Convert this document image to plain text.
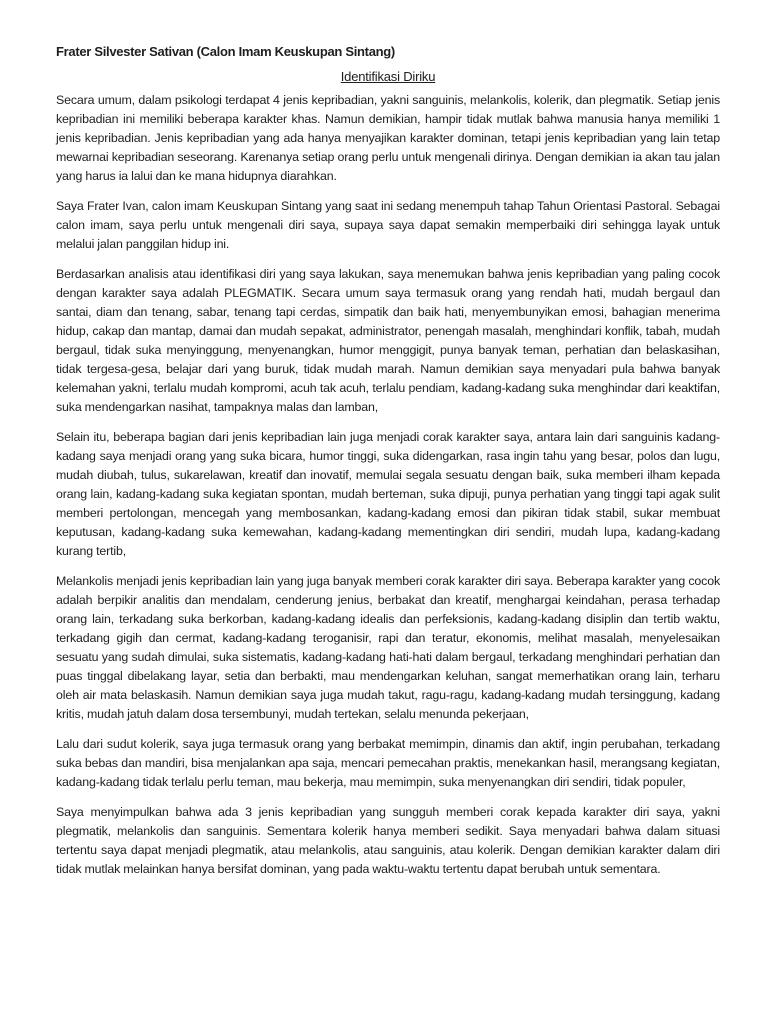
Frater Silvester Sativan (Calon Imam Keuskupan Sintang)
Identifikasi Diriku

Secara umum, dalam psikologi terdapat 4 jenis kepribadian, yakni sanguinis, melankolis, kolerik, dan plegmatik. Setiap jenis kepribadian ini memiliki beberapa karakter khas. Namun demikian, hampir tidak mutlak bahwa manusia hanya memiliki 1 jenis kepribadian. Jenis kepribadian yang ada hanya menyajikan karakter dominan, tetapi jenis kepribadian yang lain tetap mewarnai kepribadian seseorang. Karenanya setiap orang perlu untuk mengenali dirinya. Dengan demikian ia akan tau jalan yang harus ia lalui dan ke mana hidupnya diarahkan.

Saya Frater Ivan, calon imam Keuskupan Sintang yang saat ini sedang menempuh tahap Tahun Orientasi Pastoral. Sebagai calon imam, saya perlu untuk mengenali diri saya, supaya saya dapat semakin memperbaiki diri sehingga layak untuk melalui jalan panggilan hidup ini.

Berdasarkan analisis atau identifikasi diri yang saya lakukan, saya menemukan bahwa jenis kepribadian yang paling cocok dengan karakter saya adalah PLEGMATIK. Secara umum saya termasuk orang yang rendah hati, mudah bergaul dan santai, diam dan tenang, sabar, tenang tapi cerdas, simpatik dan baik hati, menyembunyikan emosi, bahagian menerima hidup, cakap dan mantap, damai dan mudah sepakat, administrator, penengah masalah, menghindari konflik, tabah, mudah bergaul, tidak suka menyinggung, menyenangkan, humor menggigit, punya banyak teman, perhatian dan belaskasihan, tidak tergesa-gesa, belajar dari yang buruk, tidak mudah marah. Namun demikian saya menyadari pula bahwa banyak kelemahan yakni, terlalu mudah kompromi, acuh tak acuh, terlalu pendiam, kadang-kadang suka menghindar dari keaktifan, suka mendengarkan nasihat, tampaknya malas dan lamban,

Selain itu, beberapa bagian dari jenis kepribadian lain juga menjadi corak karakter saya, antara lain dari sanguinis kadang-kadang saya menjadi orang yang suka bicara, humor tinggi, suka didengarkan, rasa ingin tahu yang besar, polos dan lugu, mudah diubah, tulus, sukarelawan, kreatif dan inovatif, memulai segala sesuatu dengan baik, suka memberi ilham kepada orang lain, kadang-kadang suka kegiatan spontan, mudah berteman, suka dipuji, punya perhatian yang tinggi tapi agak sulit memberi pertolongan, mencegah yang membosankan, kadang-kadang emosi dan pikiran tidak stabil, sukar membuat keputusan, kadang-kadang suka kemewahan, kadang-kadang mementingkan diri sendiri, mudah lupa, kadang-kadang kurang tertib,

Melankolis menjadi jenis kepribadian lain yang juga banyak memberi corak karakter diri saya. Beberapa karakter yang cocok adalah berpikir analitis dan mendalam, cenderung jenius, berbakat dan kreatif, menghargai keindahan, perasa terhadap orang lain, terkadang suka berkorban, kadang-kadang idealis dan perfeksionis, kadang-kadang disiplin dan tertib waktu, terkadang gigih dan cermat, kadang-kadang teroganisir, rapi dan teratur, ekonomis, melihat masalah, menyelesaikan sesuatu yang sudah dimulai, suka sistematis, kadang-kadang hati-hati dalam bergaul, terkadang menghindari perhatian dan puas tinggal dibelakang layar, setia dan berbakti, mau mendengarkan keluhan, sangat memerhatikan orang lain, terharu oleh air mata belaskasih. Namun demikian saya juga mudah takut, ragu-ragu, kadang-kadang mudah tersinggung, kadang kritis, mudah jatuh dalam dosa tersembunyi, mudah tertekan, selalu menunda pekerjaan,

Lalu dari sudut kolerik, saya juga termasuk orang yang berbakat memimpin, dinamis dan aktif, ingin perubahan, terkadang suka bebas dan mandiri, bisa menjalankan apa saja, mencari pemecahan praktis, menekankan hasil, merangsang kegiatan, kadang-kadang tidak terlalu perlu teman, mau bekerja, mau memimpin, suka menyenangkan diri sendiri, tidak populer,

Saya menyimpulkan bahwa ada 3 jenis kepribadian yang sungguh memberi corak kepada karakter diri saya, yakni plegmatik, melankolis dan sanguinis. Sementara kolerik hanya memberi sedikit. Saya menyadari bahwa dalam situasi tertentu saya dapat menjadi plegmatik, atau melankolis, atau sanguinis, atau kolerik. Dengan demikian karakter dalam diri tidak mutlak melainkan hanya bersifat dominan, yang pada waktu-waktu tertentu dapat berubah untuk sementara.
